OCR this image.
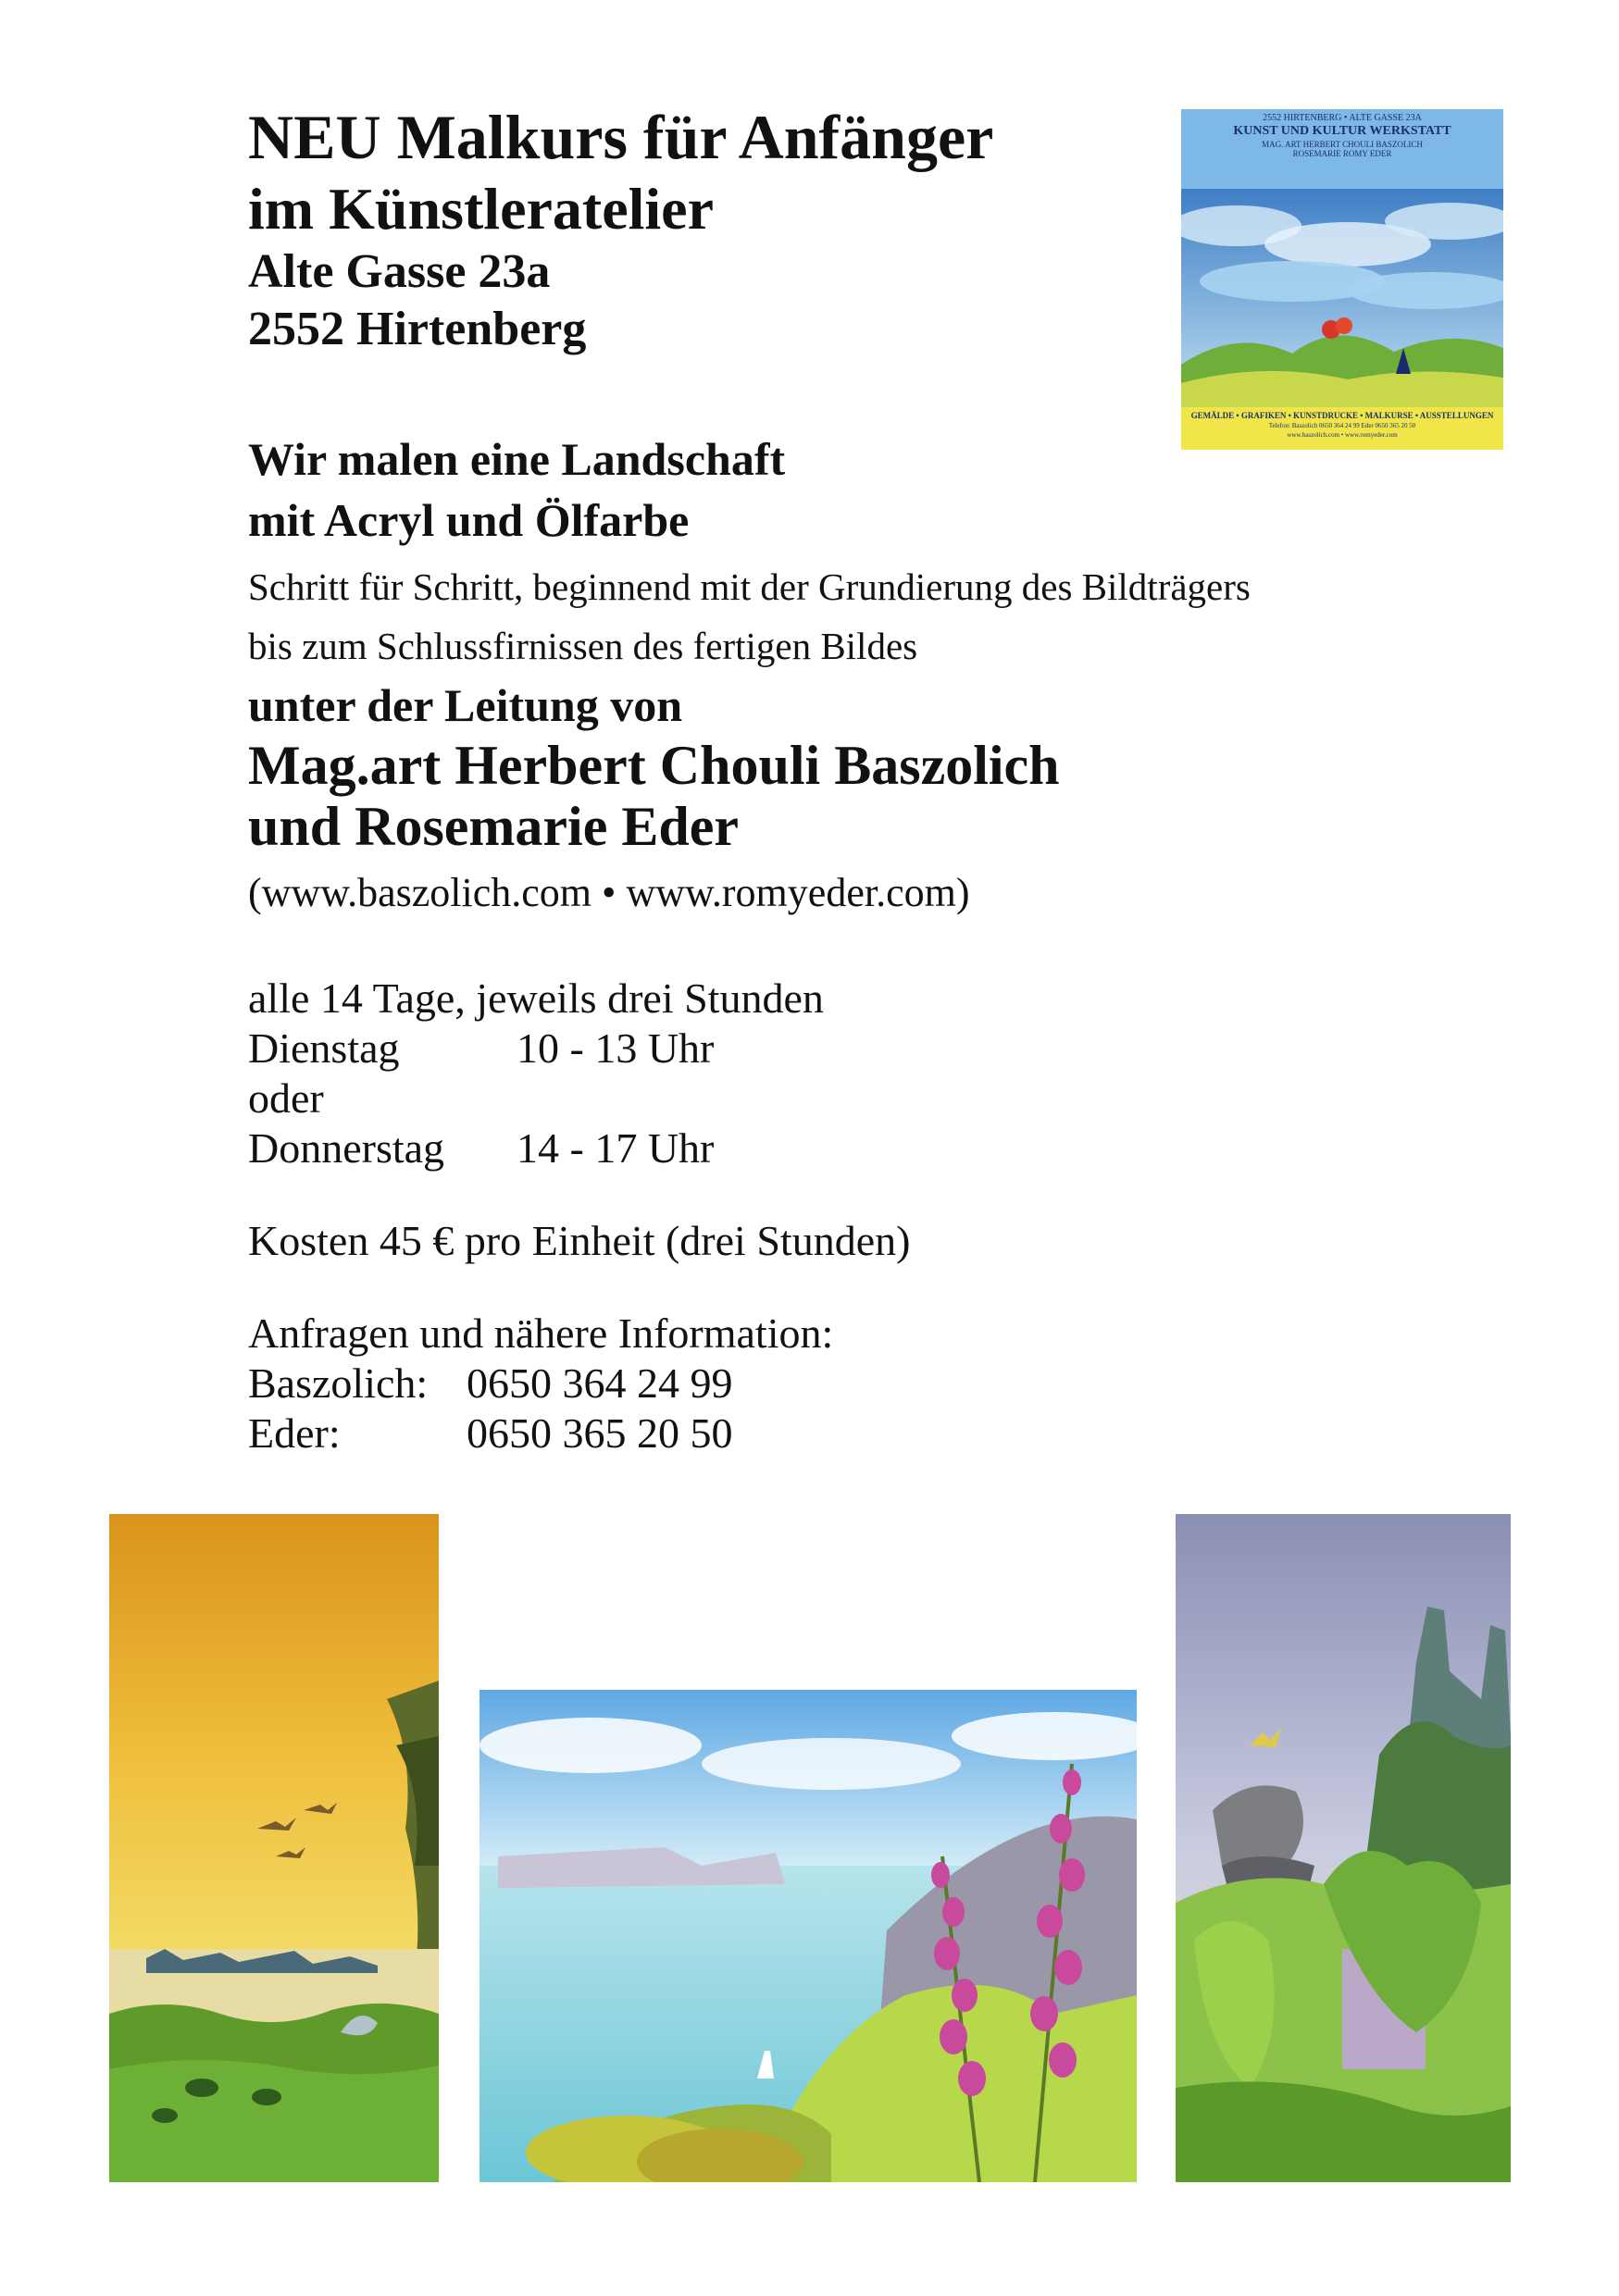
NEU Malkurs für Anfänger
im Künstleratelier
Alte Gasse 23a
2552 Hirtenberg
2552 HIRTENBERG • ALTE GASSE 23A
KUNST UND KULTUR WERKSTATT
MAG. ART HERBERT CHOULI BASZOLICH
ROSEMARIE ROMY EDER
GEMÄLDE • GRAFIKEN • KUNSTDRUCKE • MALKURSE • AUSSTELLUNGEN
Telefon: Baszolich 0650 364 24 99 Eder 0650 365 20 50
www.baszolich.com • www.romyeder.com
Wir malen eine Landschaft
mit Acryl und Ölfarbe
Schritt für Schritt, beginnend mit der Grundierung des Bildträgers
bis zum Schlussfirnissen des fertigen Bildes
unter der Leitung von
Mag.art Herbert Chouli Baszolich
und Rosemarie Eder
(www.baszolich.com • www.romyeder.com)
alle 14 Tage, jeweils drei Stunden
Dienstag	10 - 13 Uhr
oder
Donnerstag 14 - 17 Uhr
Kosten 45 € pro Einheit (drei Stunden)
Anfragen und nähere Information:
Baszolich: 0650 364 24 99
Eder:	0650 365 20 50
